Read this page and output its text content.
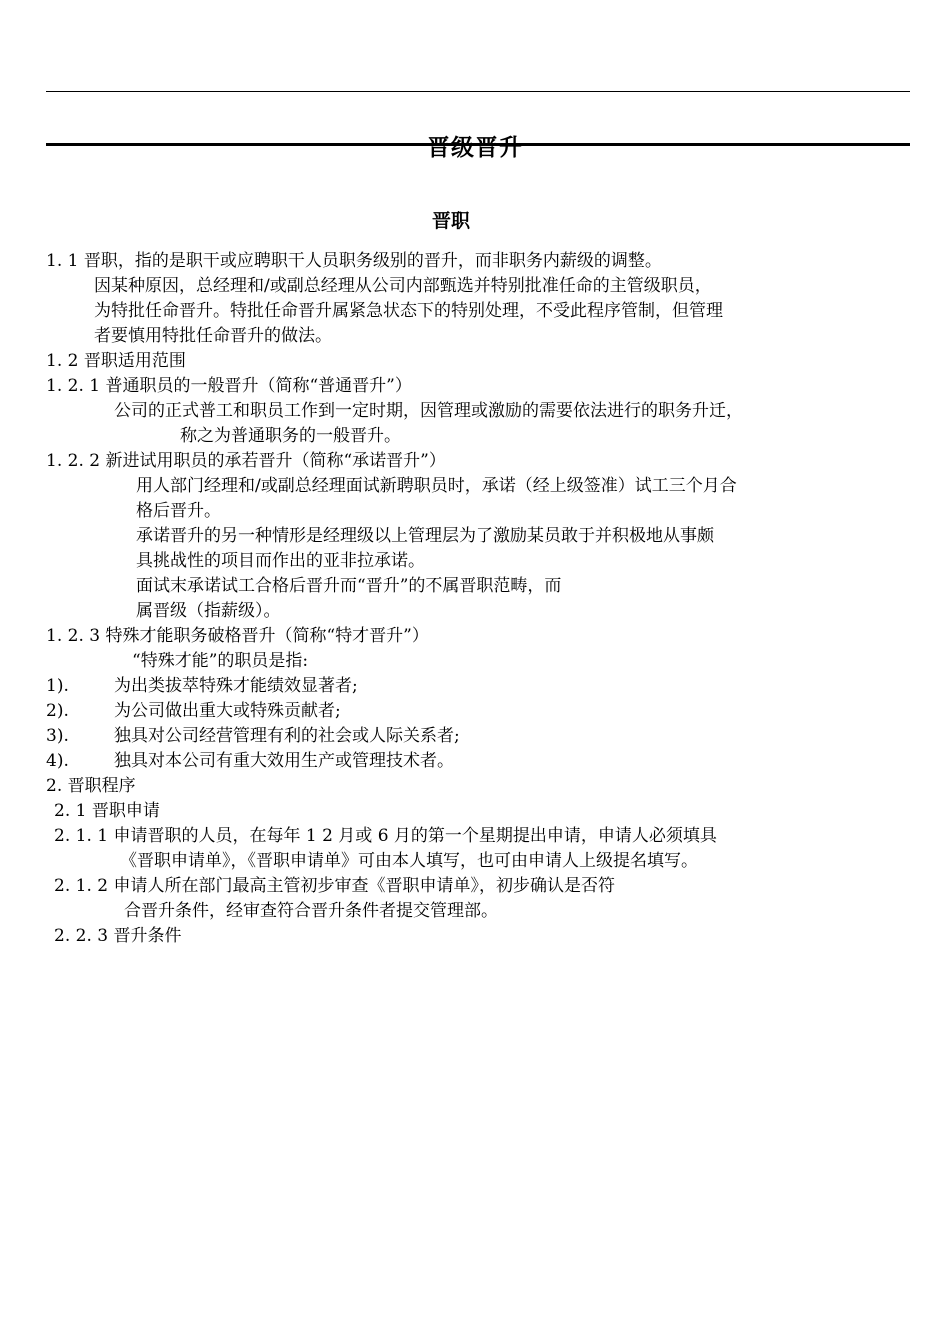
晋级晋升
晋职
1. 1 晋职，指的是职干或应聘职干人员职务级别的晋升，而非职务内薪级的调整。
因某种原因，总经理和/或副总经理从公司内部甄选并特别批准任命的主管级职员，
为特批任命晋升。特批任命晋升属紧急状态下的特别处理，不受此程序管制，但管理
者要慎用特批任命晋升的做法。
1. 2 晋职适用范围
1. 2. 1 普通职员的一般晋升（简称“普通晋升”）
公司的正式普工和职员工作到一定时期，因管理或激励的需要依法进行的职务升迁，
称之为普通职务的一般晋升。
1. 2. 2 新进试用职员的承若晋升（简称“承诺晋升”）
用人部门经理和/或副总经理面试新聘职员时，承诺（经上级签准）试工三个月合
格后晋升。
承诺晋升的另一种情形是经理级以上管理层为了激励某员敢于并积极地从事颇
具挑战性的项目而作出的亚非拉承诺。
面试末承诺试工合格后晋升而“晋升”的不属晋职范畴，而
属晋级（指薪级）。
1. 2. 3 特殊才能职务破格晋升（简称“特才晋升”）
“特殊才能”的职员是指:
1).	为出类拔萃特殊才能绩效显著者;
2).	为公司做出重大或特殊贡献者;
3).	独具对公司经营管理有利的社会或人际关系者;
4).	独具对本公司有重大效用生产或管理技术者。
2. 晋职程序
2. 1 晋职申请
2. 1. 1 申请晋职的人员，在每年 1 2 月或 6 月的第一个星期提出申请，申请人必须填具
《晋职申请单》，《晋职申请单》可由本人填写，也可由申请人上级提名填写。
2. 1. 2 申请人所在部门最高主管初步审查《晋职申请单》，初步确认是否符
合晋升条件，经审查符合晋升条件者提交管理部。
2. 2. 3 晋升条件
